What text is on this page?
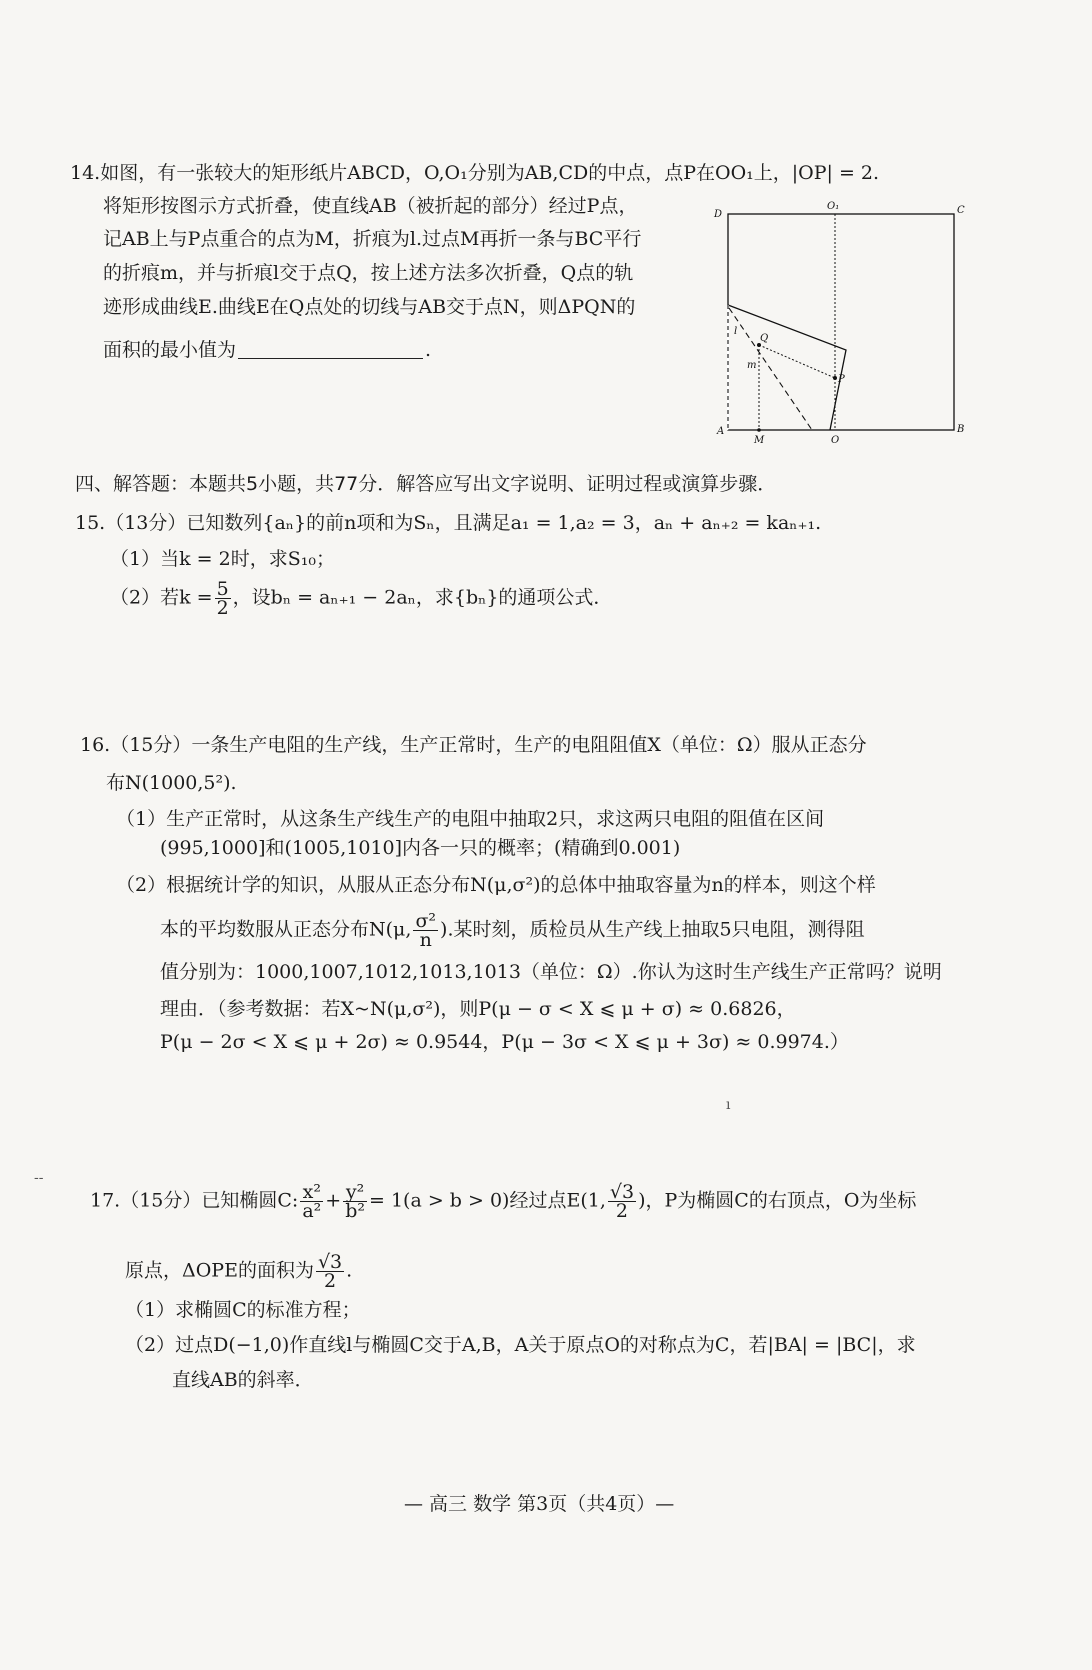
14.如图，有一张较大的矩形纸片ABCD，O,O₁分别为AB,CD的中点，点P在OO₁上，|OP| = 2.
将矩形按图示方式折叠，使直线AB（被折起的部分）经过P点，
记AB上与P点重合的点为M，折痕为l.过点M再折一条与BC平行
的折痕m，并与折痕l交于点Q，按上述方法多次折叠，Q点的轨
迹形成曲线E.曲线E在Q点处的切线与AB交于点N，则ΔPQN的
面积的最小值为	.
D
O₁	C
l
Q
m
P
A
M	O
B
四、解答题：本题共5小题，共77分．解答应写出文字说明、证明过程或演算步骤．
15.（13分）已知数列{aₙ}的前n项和为Sₙ，且满足a₁ = 1,a₂ = 3，aₙ + aₙ₊₂ = kaₙ₊₁.
（1）当k = 2时，求S₁₀；
（2）若$k = \frac{5}{2}$ ，设bₙ = aₙ₊₁ − 2aₙ，求{bₙ}的通项公式．
16.（15分）一条生产电阻的生产线，生产正常时，生产的电阻阻值X（单位：Ω）服从正态分
布N(1000,5²).
（1）生产正常时，从这条生产线生产的电阻中抽取2只，求这两只电阻的阻值在区间
(995,1000]和(1005,1010]内各一只的概率；(精确到0.001)
（2）根据统计学的知识，从服从正态分布N(μ,σ²)的总体中抽取容量为n的样本，则这个样
本的平均数服从正态分布N(μ, $\frac{\text{σ²}}{n}$ ).某时刻，质检员从生产线上抽取5只电阻，测得阻
值分别为：1000,1007,1012,1013,1013（单位：Ω）.你认为这时生产线生产正常吗？说明
理由．（参考数据：若X~N(μ,σ²)，则P(μ − σ < X ⩽ μ + σ) ≈ 0.6826，
P(μ − 2σ < X ⩽ μ + 2σ) ≈ 0.9544，P(μ − 3σ < X ⩽ μ + 3σ) ≈ 0.9974.）
ı
‐‐
17.（15分）已知椭圆C: $\frac{\text{x²}}{\text{a²}} + \frac{\text{y²}}{\text{b²}} = 1(a > b > 0)$经过点E(1, $\frac{√3}{2}$ )，P为椭圆C的右顶点，O为坐标
原点，ΔOPE的面积为 $\frac{√3}{2}$ .
（1）求椭圆C的标准方程；
（2）过点D(−1,0)作直线l与椭圆C交于A,B，A关于原点O的对称点为C，若|BA| = |BC|，求
直线AB的斜率．
— 高三 数学 第3页（共4页）—
